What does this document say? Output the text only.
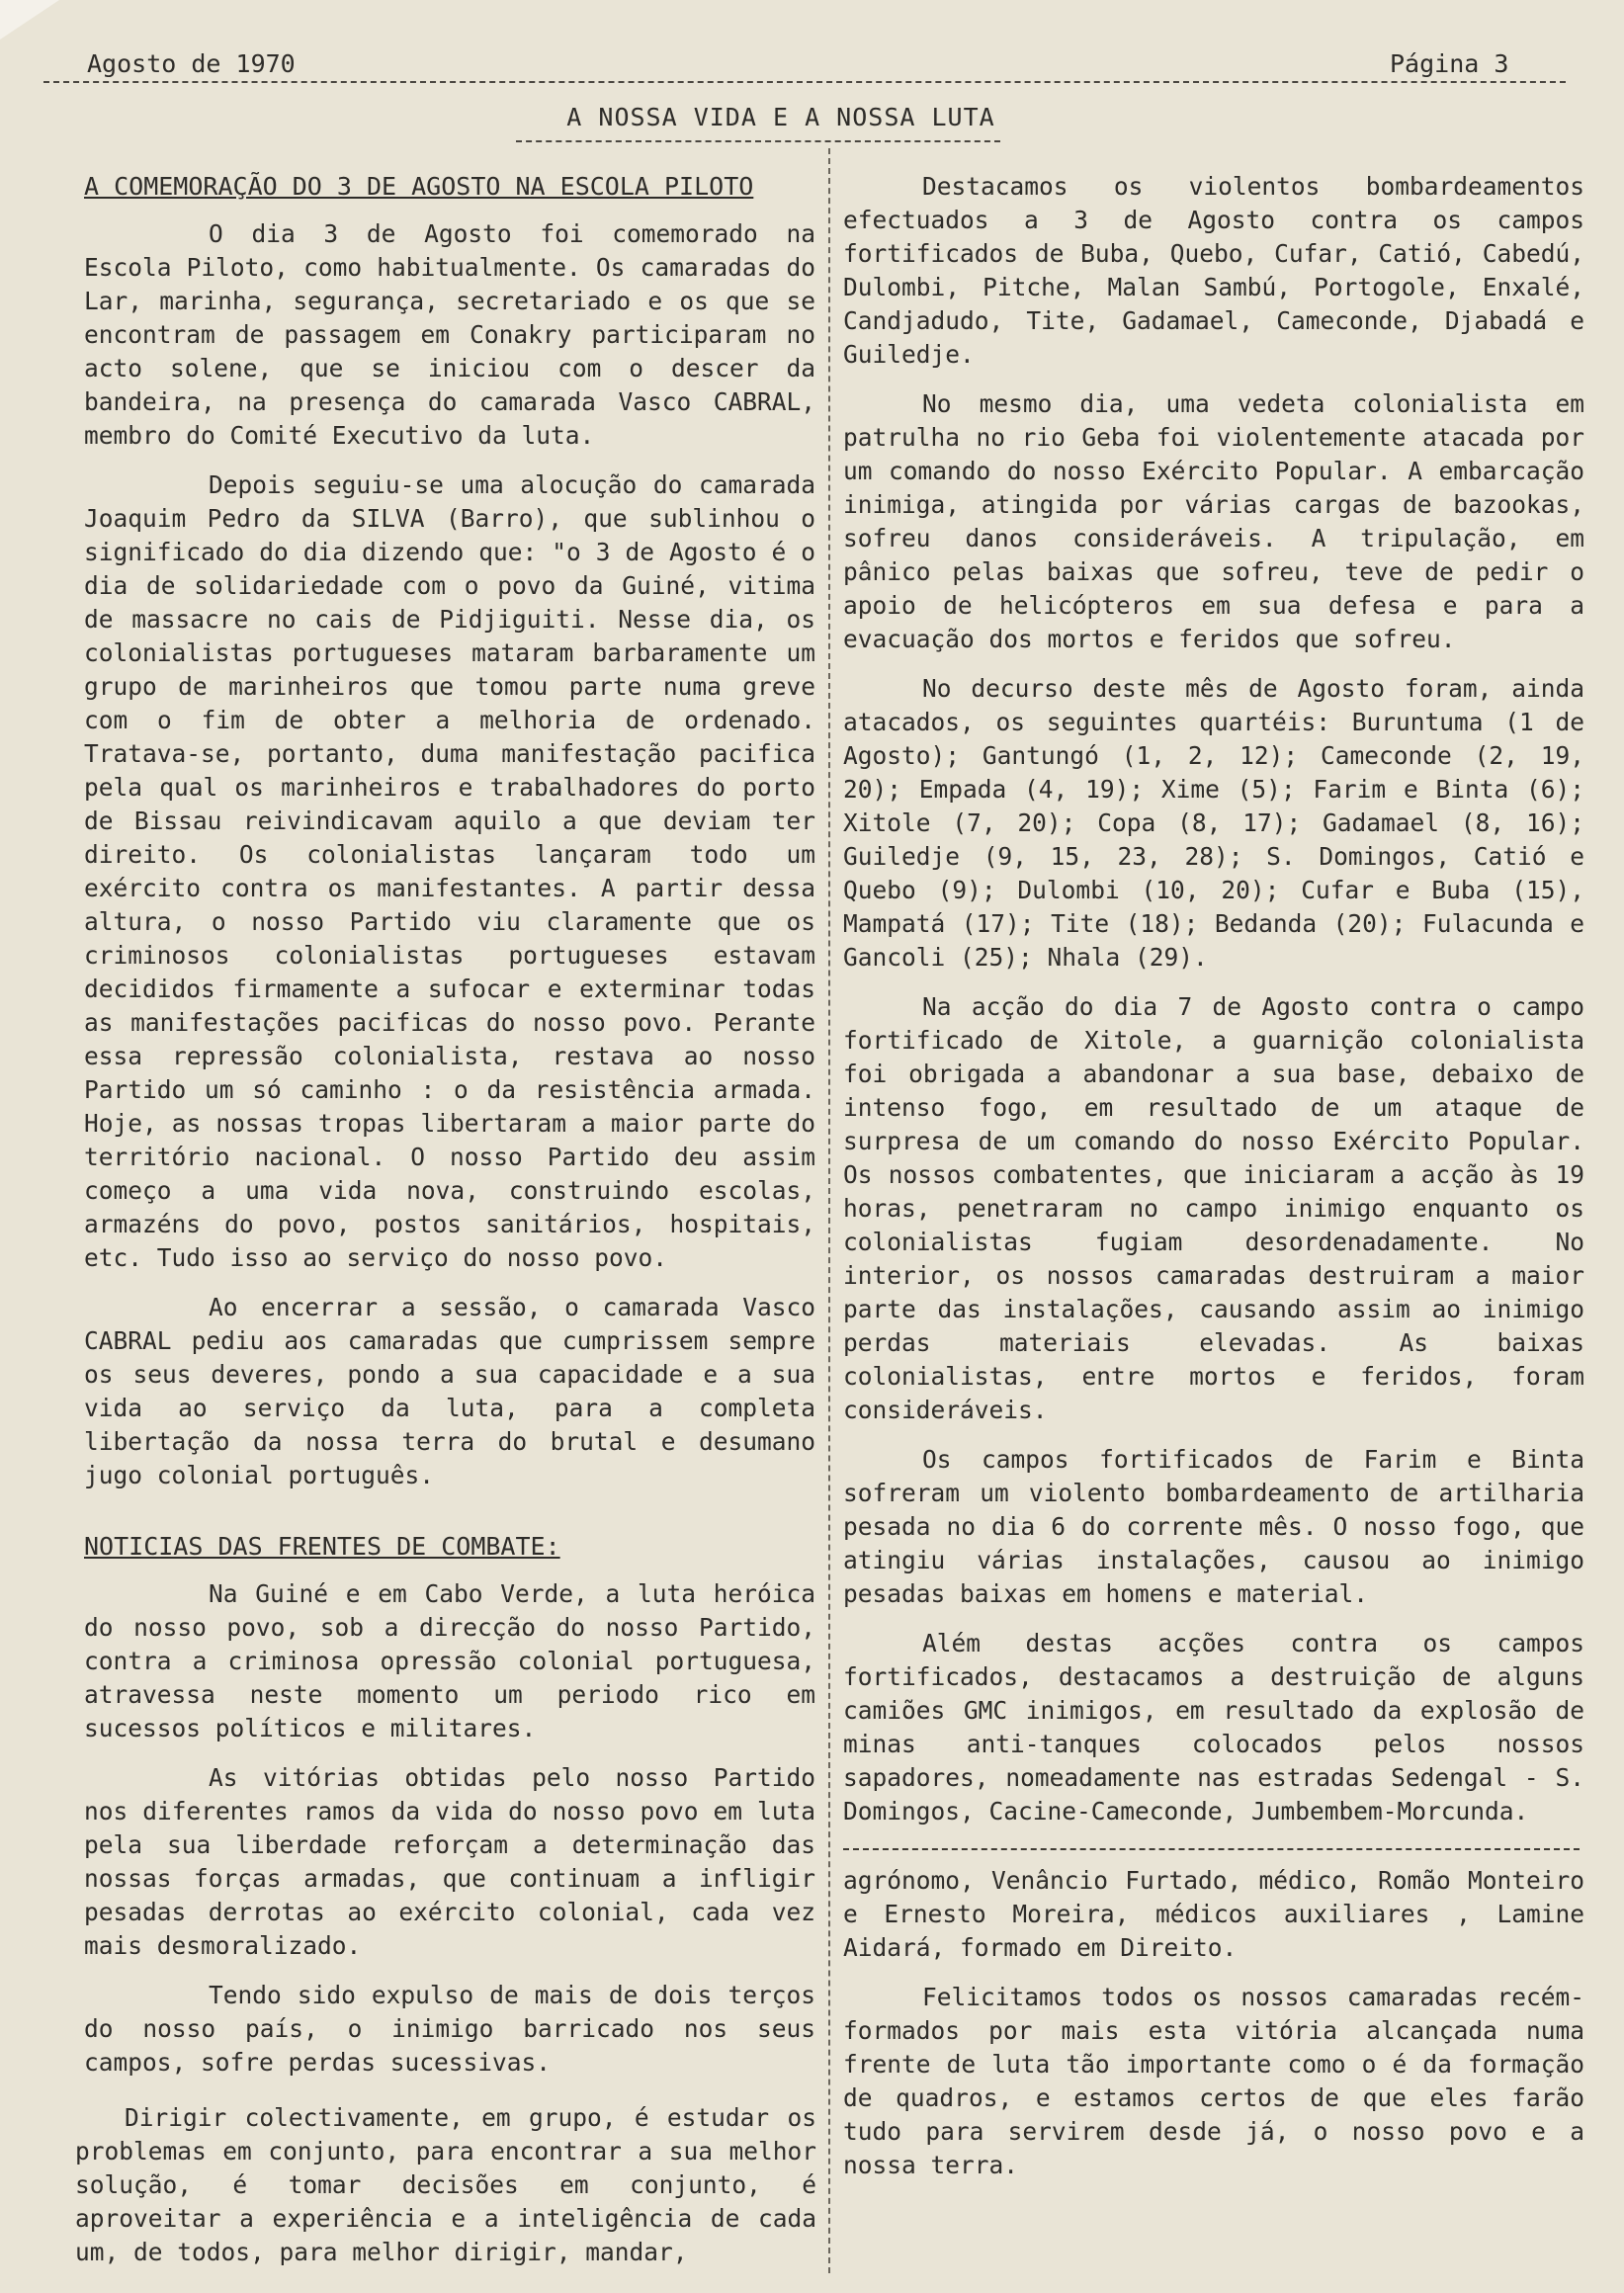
Agosto de 1970	Página 3
A NOSSA VIDA E A NOSSA LUTA
A COMEMORAÇÃO DO 3 DE AGOSTO NA ESCOLA PILOTO

O dia 3 de Agosto foi comemorado na Escola Piloto, como habitualmente. Os camaradas do Lar, marinha, segurança, secretariado e os que se encontram de passagem em Conakry participaram no acto solene, que se iniciou com o descer da bandeira, na presença do camarada Vasco CABRAL, membro do Comité Executivo da luta.

Depois seguiu-se uma alocução do camarada Joaquim Pedro da SILVA (Barro), que sublinhou o significado do dia dizendo que: "o 3 de Agosto é o dia de solidariedade com o povo da Guiné, vitima de massacre no cais de Pidjiguiti. Nesse dia, os colonialistas portugueses mataram barbaramente um grupo de marinheiros que tomou parte numa greve com o fim de obter a melhoria de ordenado. Tratava-se, portanto, duma manifestação pacifica pela qual os marinheiros e trabalhadores do porto de Bissau reivindicavam aquilo a que deviam ter direito. Os colonialistas lançaram todo um exército contra os manifestantes. A partir dessa altura, o nosso Partido viu claramente que os criminosos colonialistas portugueses estavam decididos firmamente a sufocar e exterminar todas as manifestações pacificas do nosso povo. Perante essa repressão colonialista, restava ao nosso Partido um só caminho : o da resistência armada. Hoje, as nossas tropas libertaram a maior parte do território nacional. O nosso Partido deu assim começo a uma vida nova, construindo escolas, armazéns do povo, postos sanitários, hospitais, etc. Tudo isso ao serviço do nosso povo.

Ao encerrar a sessão, o camarada Vasco CABRAL pediu aos camaradas que cumprissem sempre os seus deveres, pondo a sua capacidade e a sua vida ao serviço da luta, para a completa libertação da nossa terra do brutal e desumano jugo colonial português.

NOTICIAS DAS FRENTES DE COMBATE:

Na Guiné e em Cabo Verde, a luta heróica do nosso povo, sob a direcção do nosso Partido, contra a criminosa opressão colonial portuguesa, atravessa neste momento um periodo rico em sucessos políticos e militares.

As vitórias obtidas pelo nosso Partido nos diferentes ramos da vida do nosso povo em luta pela sua liberdade reforçam a determinação das nossas forças armadas, que continuam a infligir pesadas derrotas ao exército colonial, cada vez mais desmoralizado.

Tendo sido expulso de mais de dois terços do nosso país, o inimigo barricado nos seus campos, sofre perdas sucessivas.

Dirigir colectivamente, em grupo, é estudar os problemas em conjunto, para encontrar a sua melhor solução, é tomar decisões em conjunto, é aproveitar a experiência e a inteligência de cada um, de todos, para melhor dirigir, mandar,

Destacamos os violentos bombardeamentos efectuados a 3 de Agosto contra os campos fortificados de Buba, Quebo, Cufar, Catió, Cabedú, Dulombi, Pitche, Malan Sambú, Portogole, Enxalé, Candjadudo, Tite, Gadamael, Cameconde, Djabadá e Guiledje.

No mesmo dia, uma vedeta colonialista em patrulha no rio Geba foi violentemente atacada por um comando do nosso Exército Popular. A embarcação inimiga, atingida por várias cargas de bazookas, sofreu danos consideráveis. A tripulação, em pânico pelas baixas que sofreu, teve de pedir o apoio de helicópteros em sua defesa e para a evacuação dos mortos e feridos que sofreu.

No decurso deste mês de Agosto foram, ainda atacados, os seguintes quartéis: Buruntuma (1 de Agosto); Gantungó (1, 2, 12); Cameconde (2, 19, 20); Empada (4, 19); Xime (5); Farim e Binta (6); Xitole (7, 20); Copa (8, 17); Gadamael (8, 16); Guiledje (9, 15, 23, 28); S. Domingos, Catió e Quebo (9); Dulombi (10, 20); Cufar e Buba (15), Mampatá (17); Tite (18); Bedanda (20); Fulacunda e Gancoli (25); Nhala (29).

Na acção do dia 7 de Agosto contra o campo fortificado de Xitole, a guarnição colonialista foi obrigada a abandonar a sua base, debaixo de intenso fogo, em resultado de um ataque de surpresa de um comando do nosso Exército Popular. Os nossos combatentes, que iniciaram a acção às 19 horas, penetraram no campo inimigo enquanto os colonialistas fugiam desordenadamente. No interior, os nossos camaradas destruiram a maior parte das instalações, causando assim ao inimigo perdas materiais elevadas. As baixas colonialistas, entre mortos e feridos, foram consideráveis.

Os campos fortificados de Farim e Binta sofreram um violento bombardeamento de artilharia pesada no dia 6 do corrente mês. O nosso fogo, que atingiu várias instalações, causou ao inimigo pesadas baixas em homens e material.

Além destas acções contra os campos fortificados, destacamos a destruição de alguns camiões GMC inimigos, em resultado da explosão de minas anti-tanques colocados pelos nossos sapadores, nomeadamente nas estradas Sedengal - S. Domingos, Cacine-Cameconde, Jumbembem-Morcunda.

agrónomo, Venâncio Furtado, médico, Romão Monteiro e Ernesto Moreira, médicos auxiliares , Lamine Aidará, formado em Direito.

Felicitamos todos os nossos camaradas recém-formados por mais esta vitória alcançada numa frente de luta tão importante como o é da formação de quadros, e estamos certos de que eles farão tudo para servirem desde já, o nosso povo e a nossa terra.
